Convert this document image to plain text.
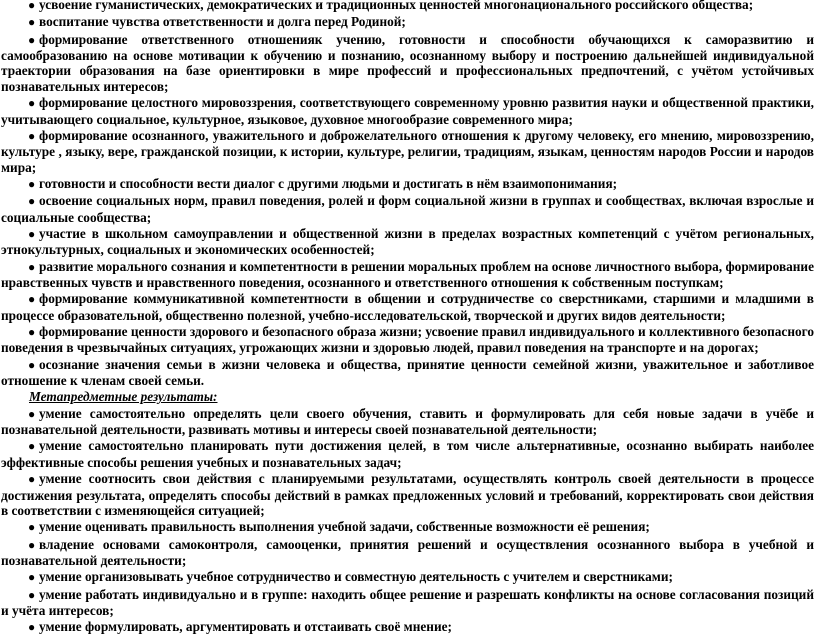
● усвоение гуманистических, демократических и традиционных ценностей многонационального российского общества;

● воспитание чувства ответственности и долга перед Родиной;

● формирование ответственного отношенияк учению, готовности и способности обучающихся к саморазвитию и самообразованию на основе мотивации к обучению и познанию, осознанному выбору и построению дальнейшей индивидуальной траектории образования на базе ориентировки в мире профессий и профессиональных предпочтений, с учётом устойчивых познавательных интересов;

● формирование целостного мировоззрения, соответствующего современному уровню развития науки и общественной практики, учитывающего социальное, культурное, языковое, духовное многообразие современного мира;

● формирование осознанного, уважительного и доброжелательного отношения к другому человеку, его мнению, мировоззрению, культуре , языку, вере, гражданской позиции, к истории, культуре, религии, традициям, языкам, ценностям народов России и народов мира;

● готовности и способности вести диалог с другими людьми и достигать в нём взаимопонимания;

● освоение социальных норм, правил поведения, ролей и форм социальной жизни в группах и сообществах, включая взрослые и социальные сообщества;

● участие в школьном самоуправлении и общественной жизни в пределах возрастных компетенций с учётом региональных, этнокультурных, социальных и экономических особенностей;

● развитие морального сознания и компетентности в решении моральных проблем на основе личностного выбора, формирование нравственных чувств и нравственного поведения, осознанного и ответственного отношения к собственным поступкам;

● формирование коммуникативной компетентности в общении и сотрудничестве со сверстниками, старшими и младшими в процессе образовательной, общественно полезной, учебно-исследовательской, творческой и других видов деятельности;

● формирование ценности здорового и безопасного образа жизни; усвоение правил индивидуального и коллективного безопасного поведения в чрезвычайных ситуациях, угрожающих жизни и здоровью людей, правил поведения на транспорте и на дорогах;

● осознание значения семьи в жизни человека и общества, принятие ценности семейной жизни, уважительное и заботливое отношение к членам своей семьи.

Метапредметные результаты:

● умение самостоятельно определять цели своего обучения, ставить и формулировать для себя новые задачи в учёбе и познавательной деятельности, развивать мотивы и интересы своей познавательной деятельности;

● умение самостоятельно планировать пути достижения целей, в том числе альтернативные, осознанно выбирать наиболее эффективные способы решения учебных и познавательных задач;

● умение соотносить свои действия с планируемыми результатами, осуществлять контроль своей деятельности в процессе достижения результата, определять способы действий в рамках предложенных условий и требований, корректировать свои действия в соответствии с изменяющейся ситуацией;

● умение оценивать правильность выполнения учебной задачи, собственные возможности её решения;

● владение основами самоконтроля, самооценки, принятия решений и осуществления осознанного выбора в учебной и познавательной деятельности;

● умение организовывать учебное сотрудничество и совместную деятельность с учителем и сверстниками;

● умение работать индивидуально и в группе: находить общее решение и разрешать конфликты на основе согласования позиций и учёта интересов;

● умение формулировать, аргументировать и отстаивать своё мнение;
